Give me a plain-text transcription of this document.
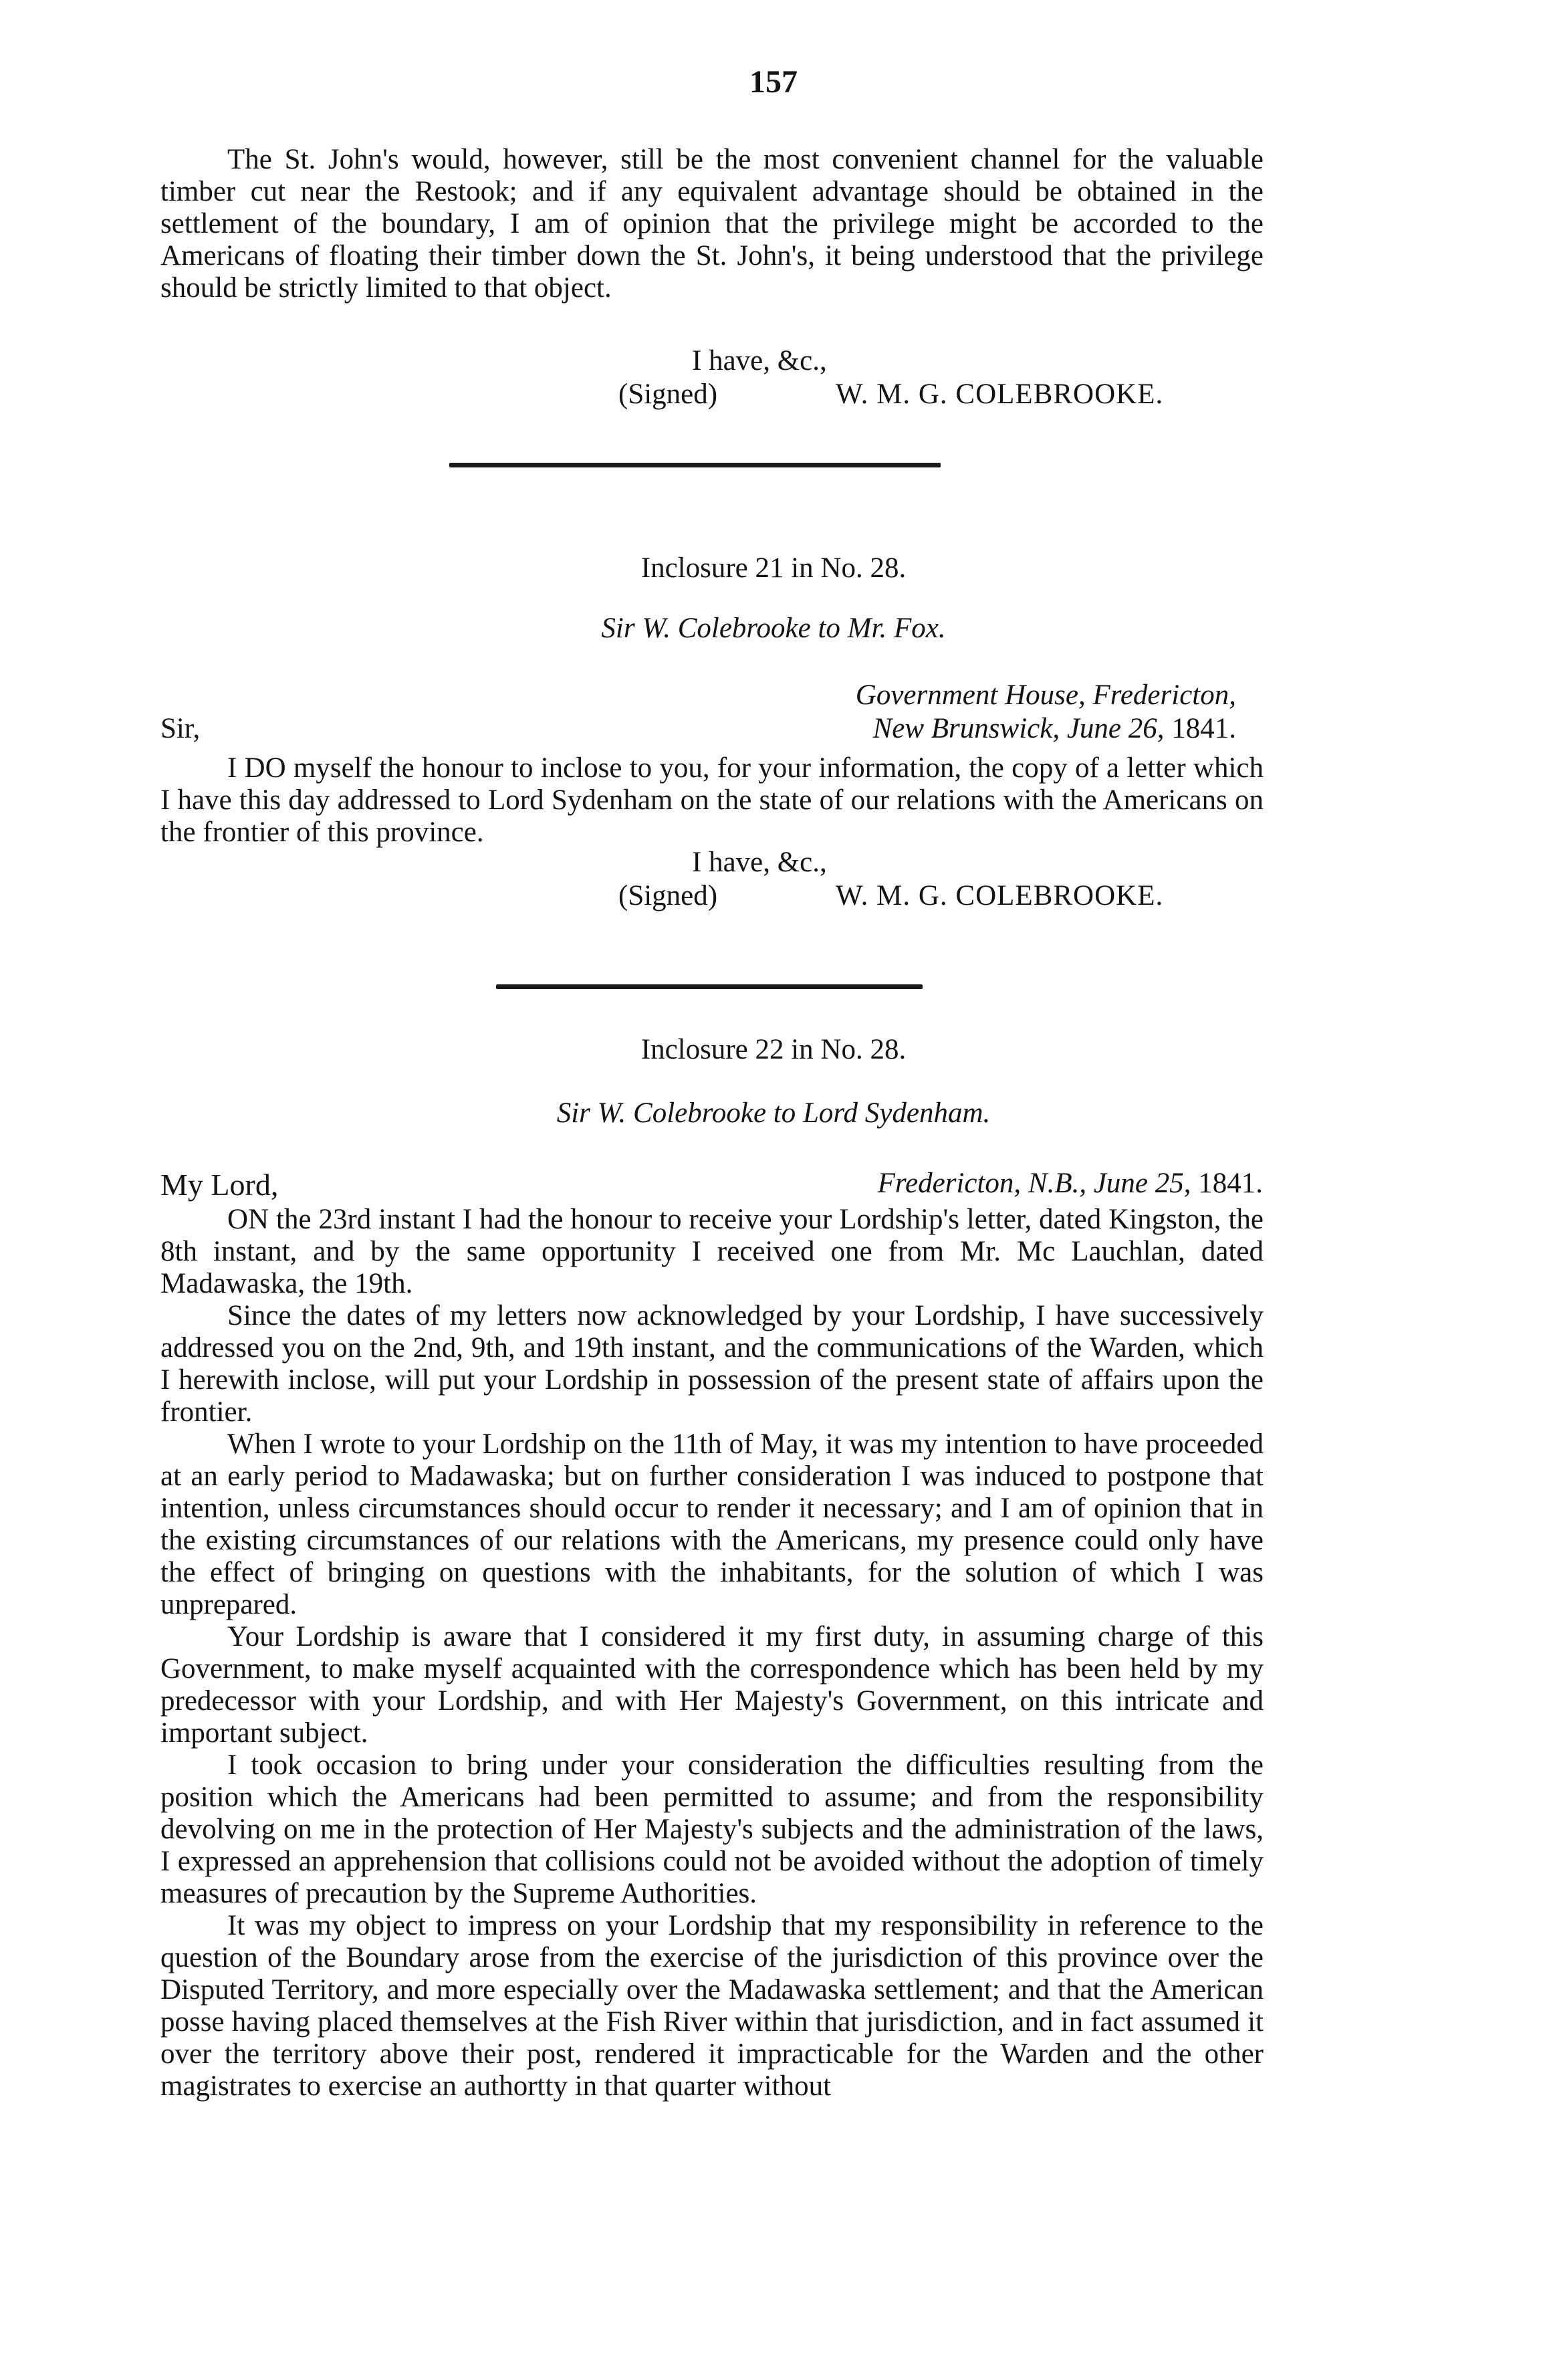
157

The St. John's would, however, still be the most convenient channel for the valuable timber cut near the Restook; and if any equivalent advantage should be obtained in the settlement of the boundary, I am of opinion that the privilege might be accorded to the Americans of floating their timber down the St. John's, it being understood that the privilege should be strictly limited to that object.

I have, &c.,
(Signed)	W. M. G. COLEBROOKE.
Inclosure 21 in No. 28.
Sir W. Colebrooke to Mr. Fox.
Government House, Fredericton,
Sir,	New Brunswick, June 26, 1841.

I DO myself the honour to inclose to you, for your information, the copy of a letter which I have this day addressed to Lord Sydenham on the state of our relations with the Americans on the frontier of this province.

I have, &c.,
(Signed)	W. M. G. COLEBROOKE.
Inclosure 22 in No. 28.
Sir W. Colebrooke to Lord Sydenham.
My Lord,	Fredericton, N.B., June 25, 1841.

ON the 23rd instant I had the honour to receive your Lordship's letter, dated Kingston, the 8th instant, and by the same opportunity I received one from Mr. Mc Lauchlan, dated Madawaska, the 19th.

Since the dates of my letters now acknowledged by your Lordship, I have successively addressed you on the 2nd, 9th, and 19th instant, and the communications of the Warden, which I herewith inclose, will put your Lordship in possession of the present state of affairs upon the frontier.

When I wrote to your Lordship on the 11th of May, it was my intention to have proceeded at an early period to Madawaska; but on further consideration I was induced to postpone that intention, unless circumstances should occur to render it necessary; and I am of opinion that in the existing circumstances of our relations with the Americans, my presence could only have the effect of bringing on questions with the inhabitants, for the solution of which I was unprepared.

Your Lordship is aware that I considered it my first duty, in assuming charge of this Government, to make myself acquainted with the correspondence which has been held by my predecessor with your Lordship, and with Her Majesty's Government, on this intricate and important subject.

I took occasion to bring under your consideration the difficulties resulting from the position which the Americans had been permitted to assume; and from the responsibility devolving on me in the protection of Her Majesty's subjects and the administration of the laws, I expressed an apprehension that collisions could not be avoided without the adoption of timely measures of precaution by the Supreme Authorities.

It was my object to impress on your Lordship that my responsibility in reference to the question of the Boundary arose from the exercise of the jurisdiction of this province over the Disputed Territory, and more especially over the Madawaska settlement; and that the American posse having placed themselves at the Fish River within that jurisdiction, and in fact assumed it over the territory above their post, rendered it impracticable for the Warden and the other magistrates to exercise an authortty in that quarter without
